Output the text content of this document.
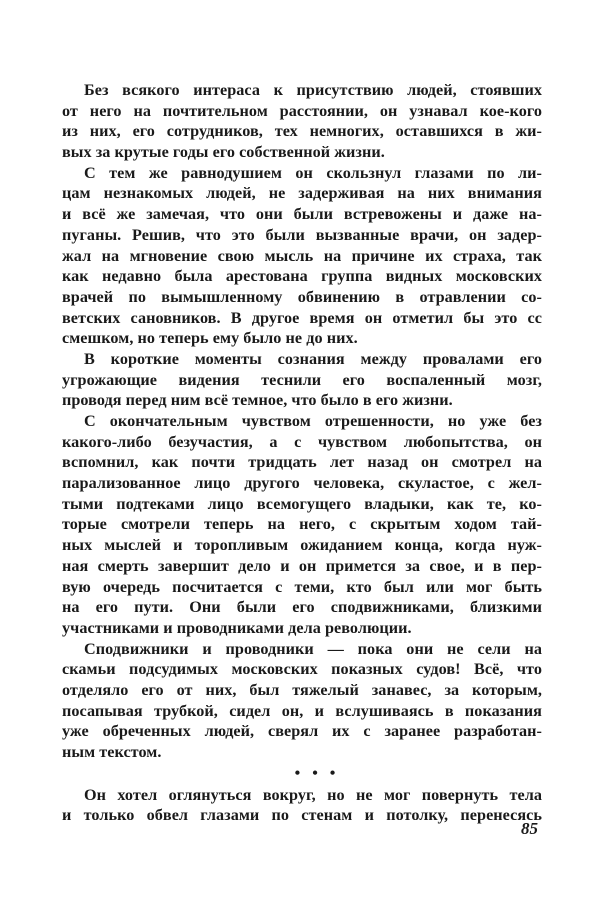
Без всякого интераса к присутствию людей, стоявших
от него на почтительном расстоянии, он узнавал кое-кого
из них, его сотрудников, тех немногих, оставшихся в жи-
вых за крутые годы его собственной жизни.
С тем же равнодушием он скользнул глазами по ли-
цам незнакомых людей, не задерживая на них внимания
и всё же замечая, что они были встревожены и даже на-
пуганы. Решив, что это были вызванные врачи, он задер-
жал на мгновение свою мысль на причине их страха, так
как недавно была арестована группа видных московских
врачей по вымышленному обвинению в отравлении со-
ветских сановников. В другое время он отметил бы это сс
смешком, но теперь ему было не до них.
В короткие моменты сознания между провалами его
угрожающие видения теснили его воспаленный мозг,
проводя перед ним всё темное, что было в его жизни.
С окончательным чувством отрешенности, но уже без
какого-либо безучастия, а с чувством любопытства, он
вспомнил, как почти тридцать лет назад он смотрел на
парализованное лицо другого человека, скуластое, с жел-
тыми подтеками лицо всемогущего владыки, как те, ко-
торые смотрели теперь на него, с скрытым ходом тай-
ных мыслей и торопливым ожиданием конца, когда нуж-
ная смерть завершит дело и он примется за свое, и в пер-
вую очередь посчитается с теми, кто был или мог быть
на его пути. Они были его сподвижниками, близкими
участниками и проводниками дела революции.
Сподвижники и проводники — пока они не сели на
скамьи подсудимых московских показных судов! Всё, что
отделяло его от них, был тяжелый занавес, за которым,
посапывая трубкой, сидел он, и вслушиваясь в показания
уже обреченных людей, сверял их с заранее разработан-
ным текстом.
• • •
Он хотел оглянуться вокруг, но не мог повернуть тела
и только обвел глазами по стенам и потолку, перенесясь
85
